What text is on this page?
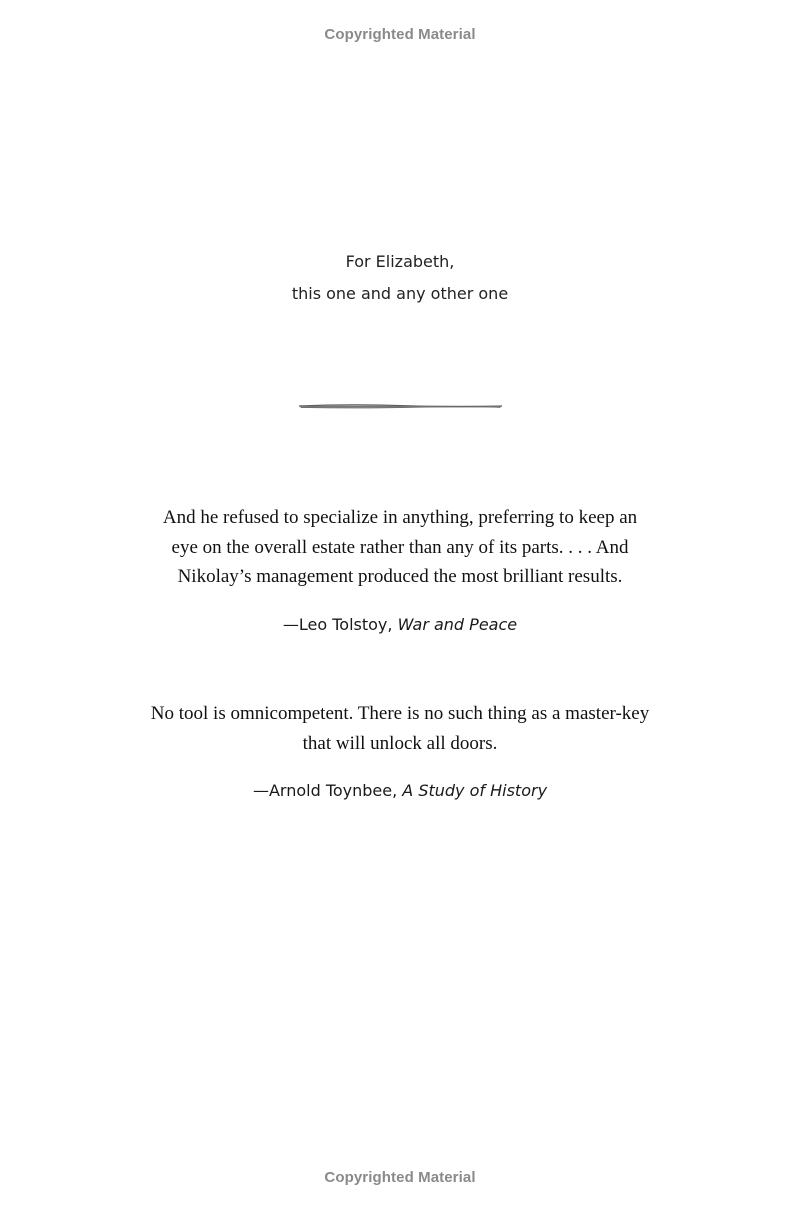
Copyrighted Material
For Elizabeth,
this one and any other one
And he refused to specialize in anything, preferring to keep an
eye on the overall estate rather than any of its parts. . . . And
Nikolay’s management produced the most brilliant results.
—Leo Tolstoy, War and Peace
No tool is omnicompetent. There is no such thing as a master-key
that will unlock all doors.
—Arnold Toynbee, A Study of History
Copyrighted Material
